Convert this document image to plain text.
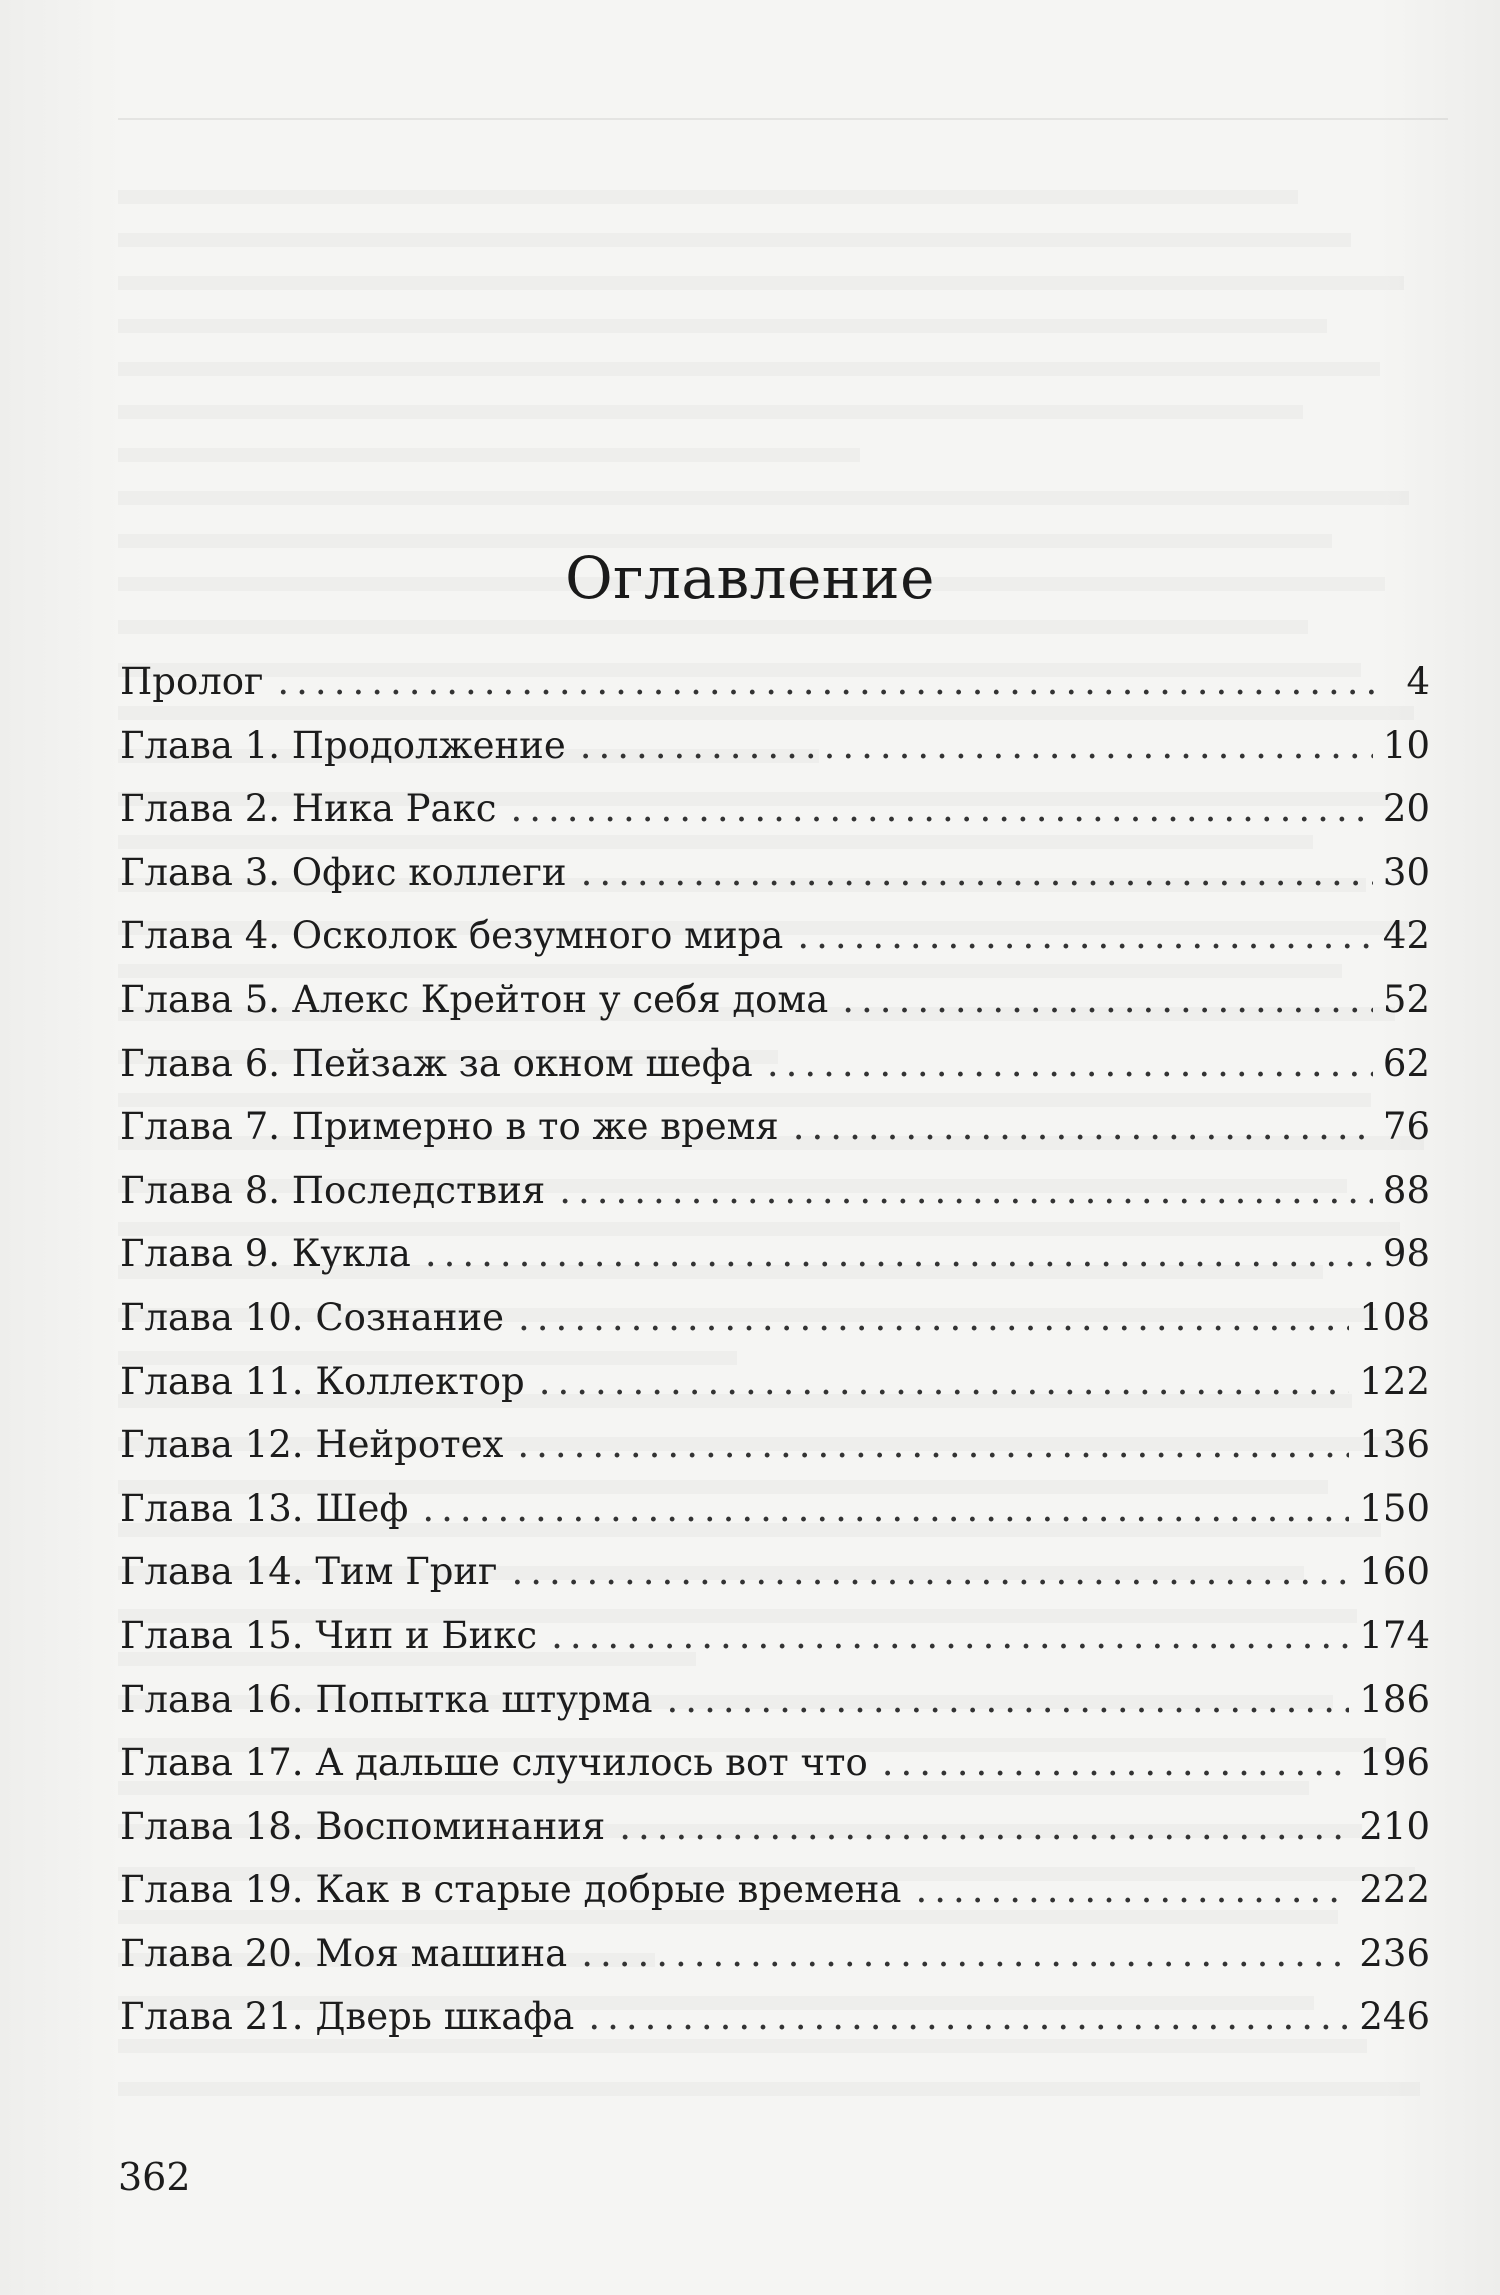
Оглавление
Пролог .....	4
Глава 1. Продолжение .....	10
Глава 2. Ника Ракс .....	20
Глава 3. Офис коллеги .....	30
Глава 4. Осколок безумного мира .....	42
Глава 5. Алекс Крейтон у себя дома .....	52
Глава 6. Пейзаж за окном шефа .....	62
Глава 7. Примерно в то же время .....	76
Глава 8. Последствия .....	88
Глава 9. Кукла .....	98
Глава 10. Сознание .....	108
Глава 11. Коллектор .....	122
Глава 12. Нейротех .....	136
Глава 13. Шеф .....	150
Глава 14. Тим Григ .....	160
Глава 15. Чип и Бикс .....	174
Глава 16. Попытка штурма .....	186
Глава 17. А дальше случилось вот что .....	196
Глава 18. Воспоминания .....	210
Глава 19. Как в старые добрые времена .....	222
Глава 20. Моя машина .....	236
Глава 21. Дверь шкафа .....	246
362
